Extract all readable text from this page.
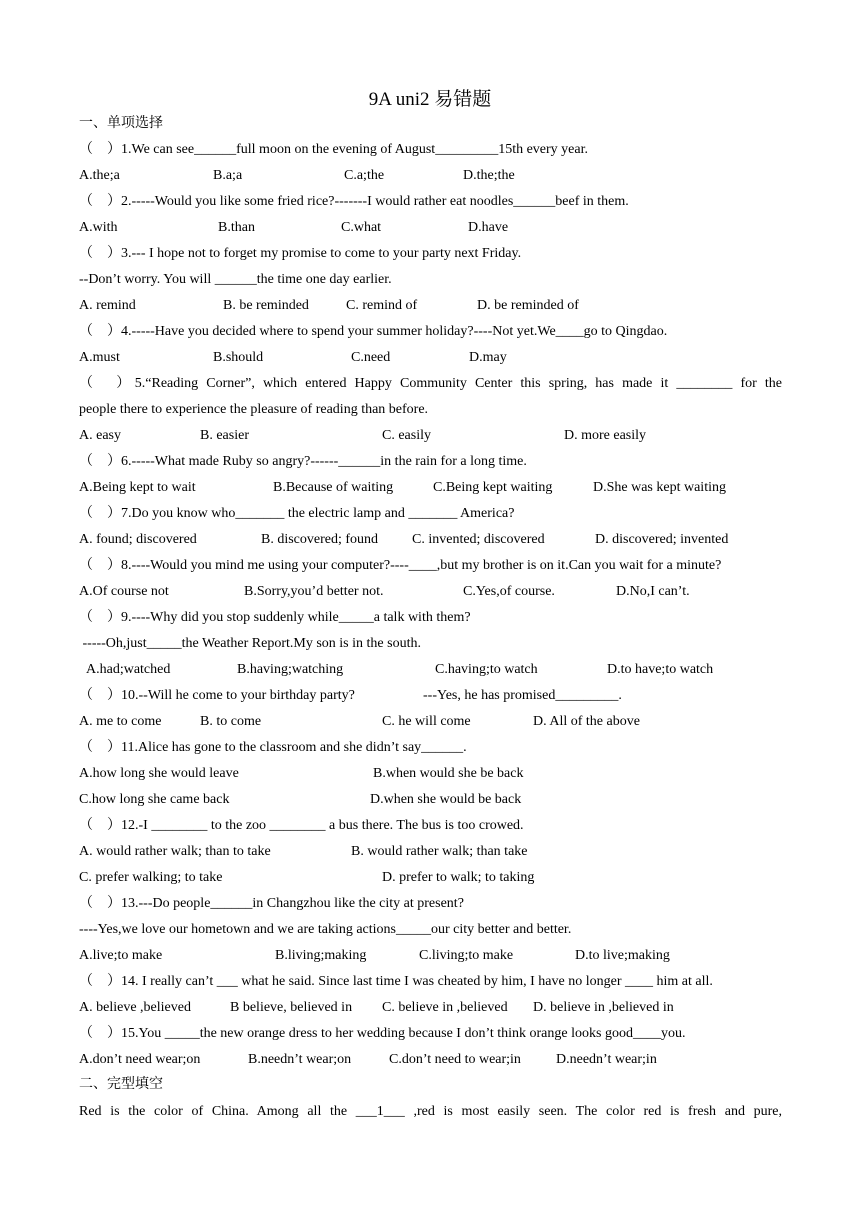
9A uni2 易错题
一、单项选择
（　）1.We can see______full moon on the evening of August_________15th every year.
A.the;a	B.a;a	C.a;the	D.the;the
（　）2.-----Would you like some fried rice?-------I would rather eat noodles______beef in them.
A.with	B.than	C.what	D.have
（　）3.--- I hope not to forget my promise to come to your party next Friday.
--Don’t worry. You will ______the time one day earlier.
A. remind	B. be reminded	C. remind of	D. be reminded of
（　）4.-----Have you decided where to spend your summer holiday?----Not yet.We____go to Qingdao.
A.must	B.should	C.need	D.may
（　）5.“Reading Corner”, which entered Happy Community Center this spring, has made it ________ for the
people there to experience the pleasure of reading than before.
A. easy	B. easier	C. easily	D. more easily
（　）6.-----What made Ruby so angry?------______in the rain for a long time.
A.Being kept to wait	B.Because of waiting	C.Being kept waiting	D.She was kept waiting
（　）7.Do you know who_______ the electric lamp and _______ America?
A. found; discovered	B. discovered; found C. invented; discovered	D. discovered; invented
（　）8.----Would you mind me using your computer?----____,but my brother is on it.Can you wait for a minute?
A.Of course not	B.Sorry,you’d better not.	C.Yes,of course.	D.No,I can’t.
（　）9.----Why did you stop suddenly while_____a talk with them?
-----Oh,just_____the Weather Report.My son is in the south.
A.had;watched	B.having;watching	C.having;to watch	D.to have;to watch
（　）10.--Will he come to your birthday party?	---Yes, he has promised_________.
A. me to come	B. to come	C. he will come	D. All of the above
（　）11.Alice has gone to the classroom and she didn’t say______.
A.how long she would leave	B.when would she be back
C.how long she came back	D.when she would be back
（　）12.-I ________ to the zoo ________ a bus there. The bus is too crowed.
A. would rather walk; than to take	B. would rather walk; than take
C. prefer walking; to take	D. prefer to walk; to taking
（　）13.---Do people______in Changzhou like the city at present?
----Yes,we love our hometown and we are taking actions_____our city better and better.
A.live;to make	B.living;making	C.living;to make	D.to live;making
（　）14. I really can’t ___ what he said. Since last time I was cheated by him, I have no longer ____ him at all.
A. believe ,believed	B believe, believed in C. believe in ,believed D. believe in ,believed in
（　）15.You _____the new orange dress to her wedding because I don’t think orange looks good____you.
A.don’t need wear;on	B.needn’t wear;on	C.don’t need to wear;in	D.needn’t wear;in
二、完型填空
Red is the color of China. Among all the ___1___ ,red is most easily seen. The color red is fresh and pure,
